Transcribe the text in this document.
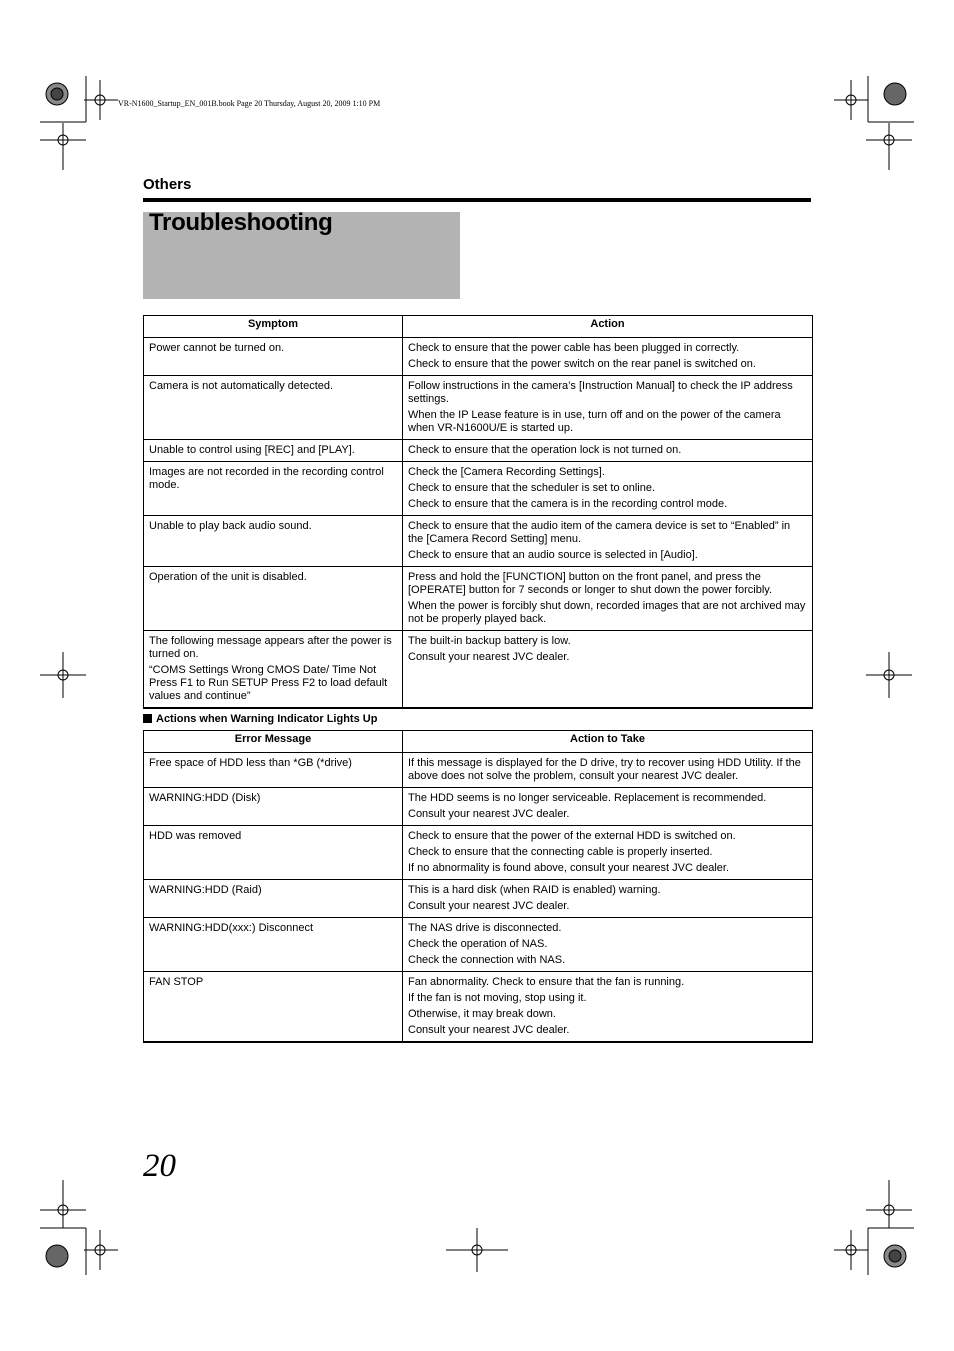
VR-N1600_Startup_EN_001B.book Page 20 Thursday, August 20, 2009 1:10 PM
Others
Troubleshooting
Symptom	Action

Power cannot be turned on.	Check to ensure that the power cable has been plugged in correctly.
Check to ensure that the power switch on the rear panel is switched on.

Camera is not automatically detected.	Follow instructions in the camera’s [Instruction Manual] to check the IP address settings.
When the IP Lease feature is in use, turn off and on the power of the camera when VR-N1600U/E is started up.

Unable to control using [REC] and [PLAY].	Check to ensure that the operation lock is not turned on.

Images are not recorded in the recording control mode.	Check the [Camera Recording Settings].
Check to ensure that the scheduler is set to online.
Check to ensure that the camera is in the recording control mode.

Unable to play back audio sound.	Check to ensure that the audio item of the camera device is set to “Enabled” in the [Camera Record Setting] menu.
Check to ensure that an audio source is selected in [Audio].

Operation of the unit is disabled.	Press and hold the [FUNCTION] button on the front panel, and press the [OPERATE] button for 7 seconds or longer to shut down the power forcibly.
When the power is forcibly shut down, recorded images that are not archived may not be properly played back.

The following message appears after the power is turned on.
“COMS Settings Wrong CMOS Date/ Time Not Press F1 to Run SETUP Press F2 to load default values and continue”	The built-in backup battery is low.
Consult your nearest JVC dealer.
Actions when Warning Indicator Lights Up
Error Message	Action to Take

Free space of HDD less than *GB (*drive)	If this message is displayed for the D drive, try to recover using HDD Utility. If the above does not solve the problem, consult your nearest JVC dealer.

WARNING:HDD (Disk)	The HDD seems is no longer serviceable. Replacement is recommended.
Consult your nearest JVC dealer.

HDD was removed	Check to ensure that the power of the external HDD is switched on.
Check to ensure that the connecting cable is properly inserted.
If no abnormality is found above, consult your nearest JVC dealer.

WARNING:HDD (Raid)	This is a hard disk (when RAID is enabled) warning.
Consult your nearest JVC dealer.

WARNING:HDD(xxx:) Disconnect	The NAS drive is disconnected.
Check the operation of NAS.
Check the connection with NAS.

FAN STOP	Fan abnormality. Check to ensure that the fan is running.
If the fan is not moving, stop using it.
Otherwise, it may break down.
Consult your nearest JVC dealer.
20
